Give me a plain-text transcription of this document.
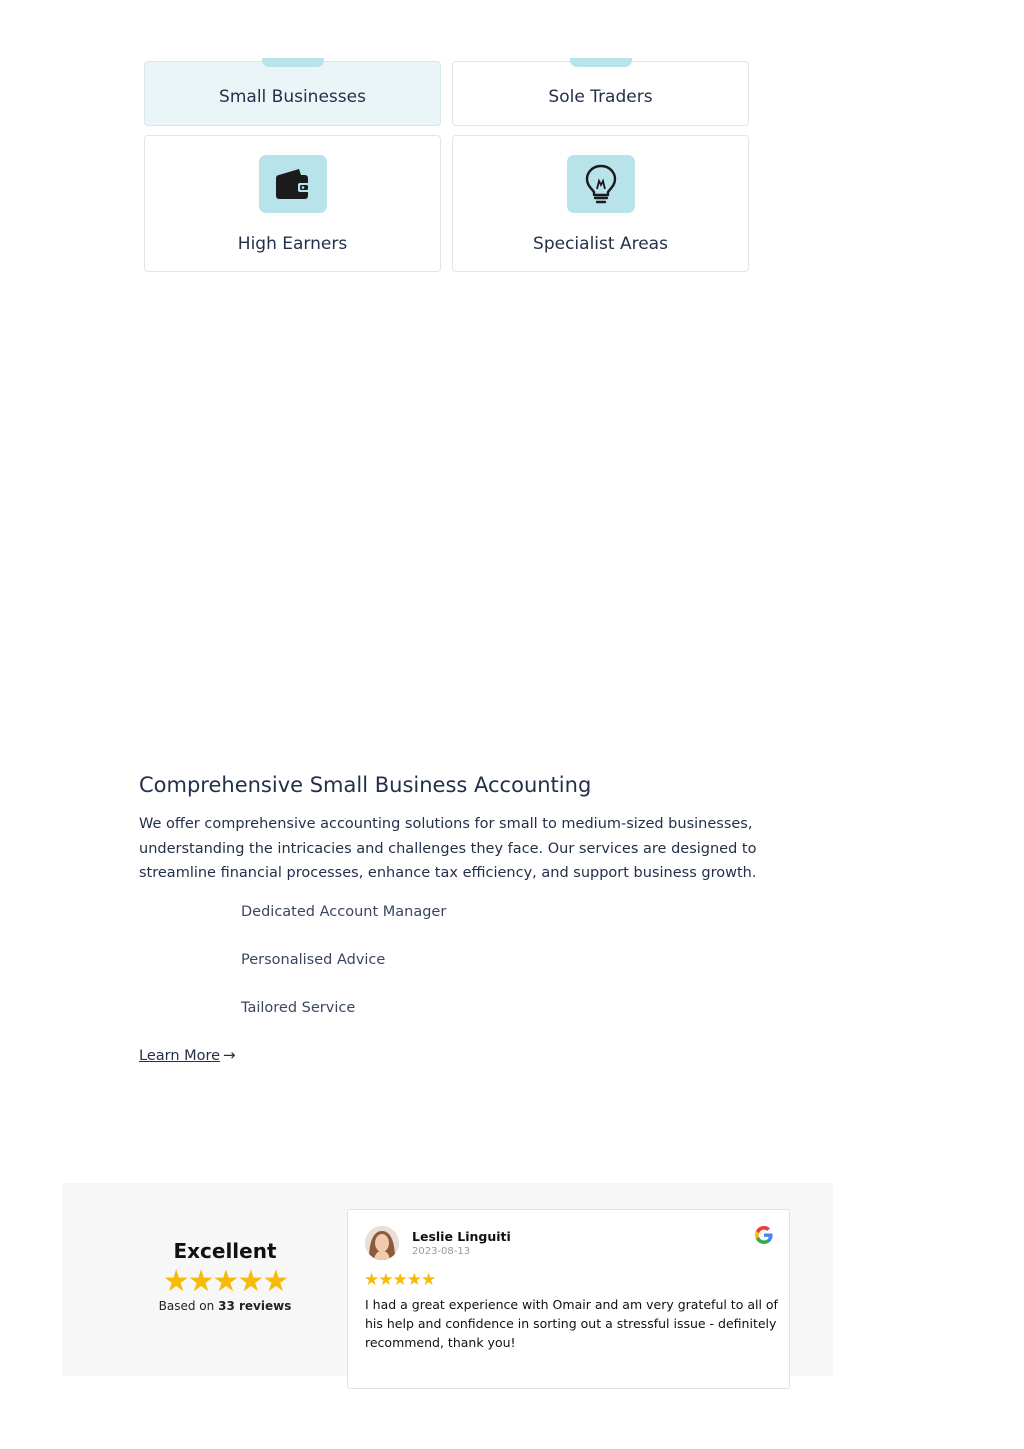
Small Businesses	Sole Traders
High Earners	Specialist Areas
Comprehensive Small Business Accounting

We offer comprehensive accounting solutions for small to medium-sized businesses, understanding the intricacies and challenges they face. Our services are designed to streamline financial processes, enhance tax efficiency, and support business growth.

Dedicated Account Manager
Personalised Advice
Tailored Service
Learn More →
Excellent
★★★★★
Based on 33 reviews
Leslie Linguiti
2023-08-13
★★★★★
I had a great experience with Omair and am very grateful to all of his help and confidence in sorting out a stressful issue - definitely recommend, thank you!
